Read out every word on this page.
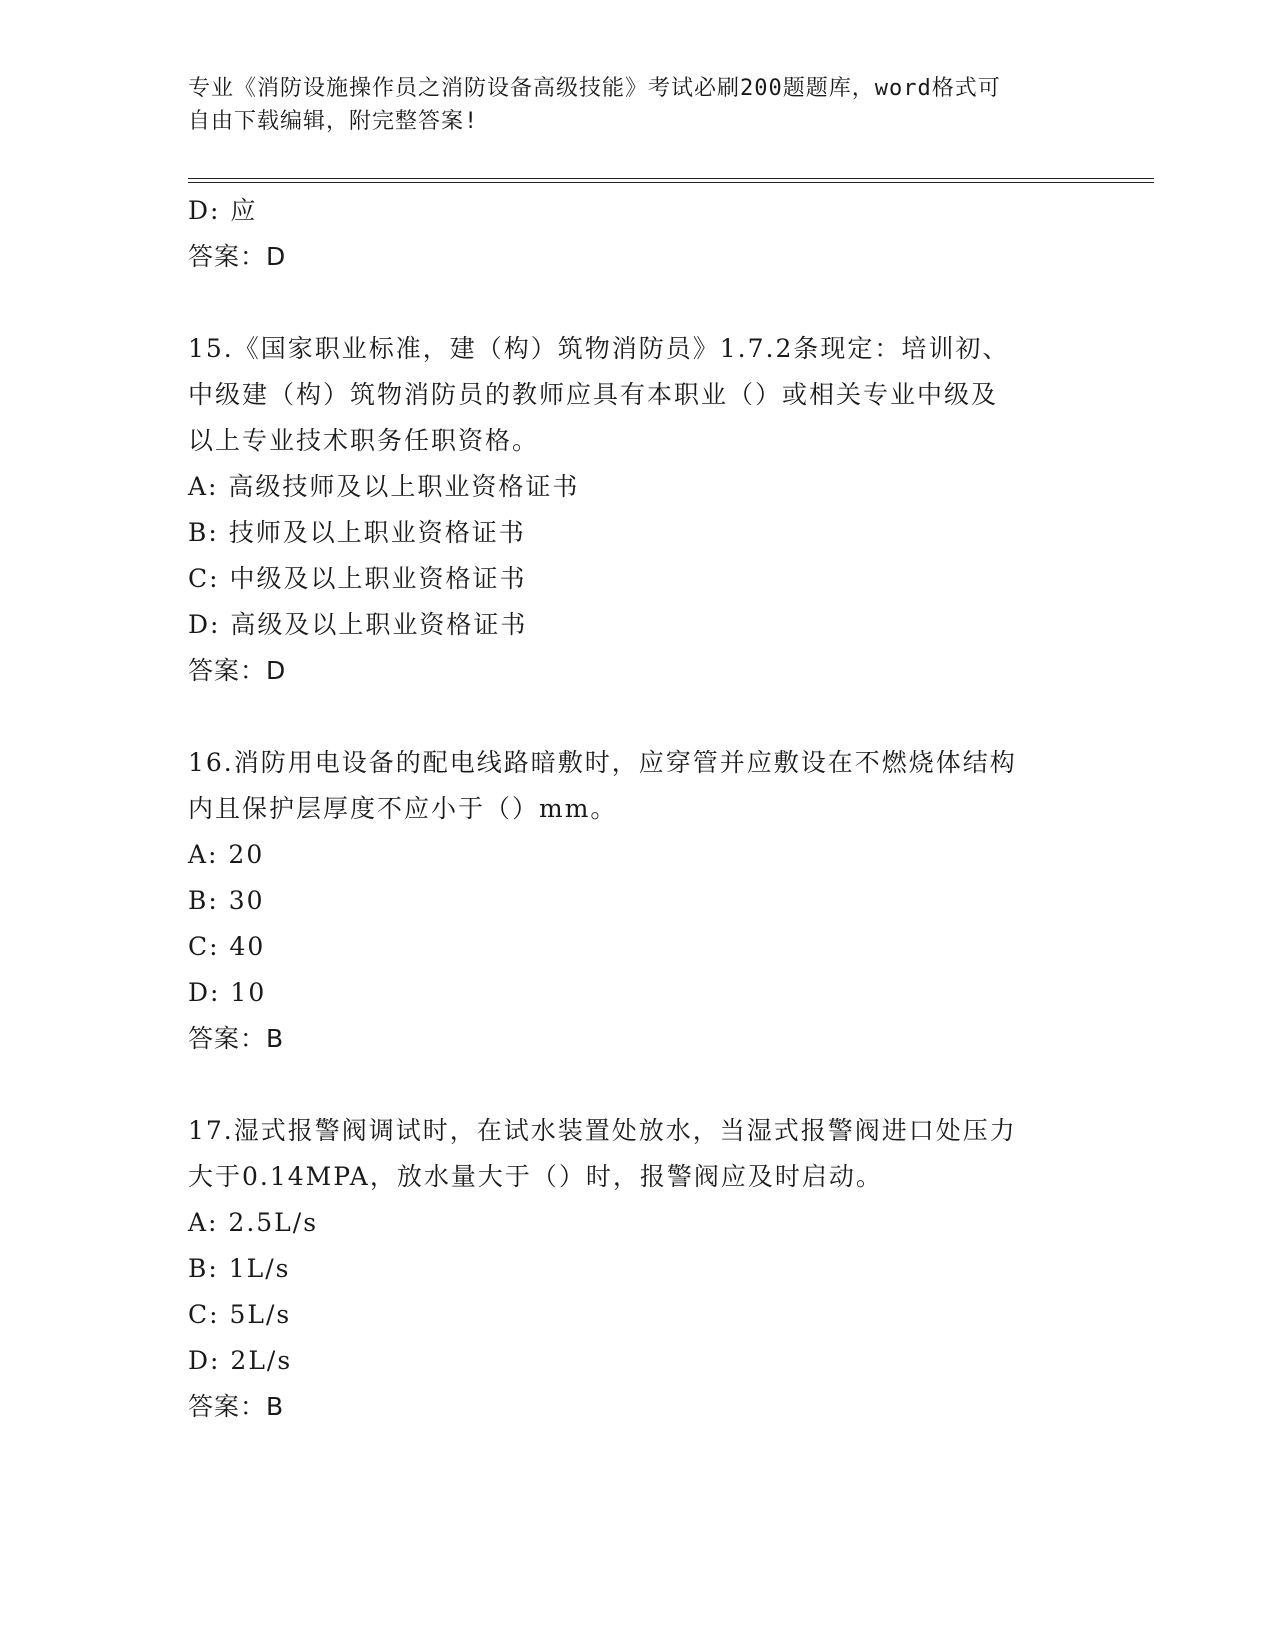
专业《消防设施操作员之消防设备高级技能》考试必刷200题题库，word格式可
自由下载编辑，附完整答案!
D: 应
答案：D
15.《国家职业标准，建（构）筑物消防员》1.7.2条现定：培训初、
中级建（构）筑物消防员的教师应具有本职业（）或相关专业中级及
以上专业技术职务任职资格。
A: 高级技师及以上职业资格证书
B: 技师及以上职业资格证书
C: 中级及以上职业资格证书
D: 高级及以上职业资格证书
答案：D
16.消防用电设备的配电线路暗敷时，应穿管并应敷设在不燃烧体结构
内且保护层厚度不应小于（）mm。
A: 20
B: 30
C: 40
D: 10
答案：B
17.湿式报警阀调试时，在试水装置处放水，当湿式报警阀进口处压力
大于0.14MPA，放水量大于（）时，报警阀应及时启动。
A: 2.5L/s
B: 1L/s
C: 5L/s
D: 2L/s
答案：B
